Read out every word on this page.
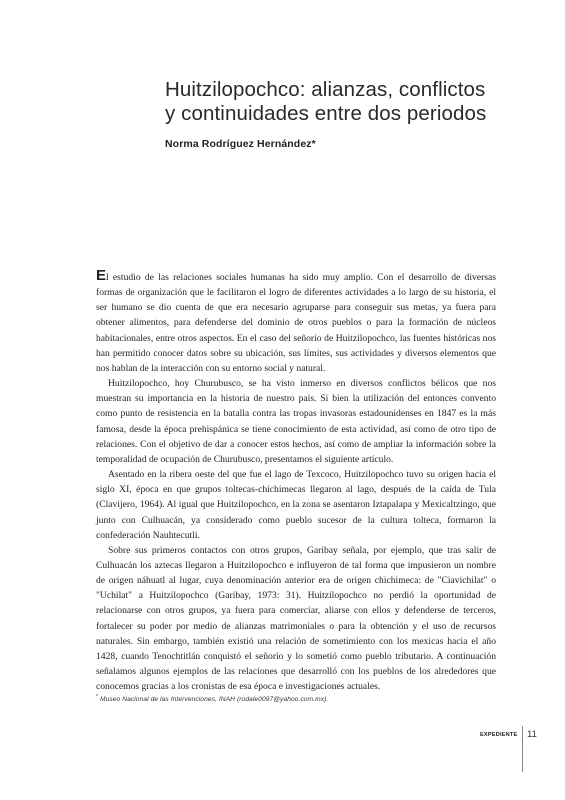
Huitzilopochco: alianzas, conflictos
y continuidades entre dos periodos
Norma Rodríguez Hernández*

El estudio de las relaciones sociales humanas ha sido muy amplio. Con el desarrollo de diversas formas de organización que le facilitaron el logro de diferentes actividades a lo largo de su historia, el ser humano se dio cuenta de que era necesario agruparse para conseguir sus metas, ya fuera para obtener alimentos, para defenderse del dominio de otros pueblos o para la formación de núcleos habitacionales, entre otros aspectos. En el caso del señorío de Huitzilopochco, las fuentes históricas nos han permitido conocer datos sobre su ubicación, sus límites, sus actividades y diversos elementos que nos hablan de la interacción con su entorno social y natural.

Huitzilopochco, hoy Churubusco, se ha visto inmerso en diversos conflictos bélicos que nos muestran su importancia en la historia de nuestro país. Si bien la utilización del entonces convento como punto de resistencia en la batalla contra las tropas invasoras estadounidenses en 1847 es la más famosa, desde la época prehispánica se tiene conocimiento de esta actividad, así como de otro tipo de relaciones. Con el objetivo de dar a conocer estos hechos, así como de ampliar la información sobre la temporalidad de ocupación de Churubusco, presentamos el siguiente artículo.

Asentado en la ribera oeste del que fue el lago de Texcoco, Huitzilopochco tuvo su origen hacia el siglo XI, época en que grupos toltecas-chichimecas llegaron al lago, después de la caída de Tula (Clavijero, 1964). Al igual que Huitzilopochco, en la zona se asentaron Iztapalapa y Mexicaltzingo, que junto con Culhuacán, ya considerado como pueblo sucesor de la cultura tolteca, formaron la confederación Nauhtecutli.

Sobre sus primeros contactos con otros grupos, Garibay señala, por ejemplo, que tras salir de Culhuacán los aztecas llegaron a Huitzilopochco e influyeron de tal forma que impusieron un nombre de origen náhuatl al lugar, cuya denominación anterior era de origen chichimeca: de "Ciavichilat" o "Uchilat" a Huitzilopochco (Garibay, 1973: 31). Huitzilopochco no perdió la oportunidad de relacionarse con otros grupos, ya fuera para comerciar, aliarse con ellos y defenderse de terceros, fortalecer su poder por medio de alianzas matrimoniales o para la obtención y el uso de recursos naturales. Sin embargo, también existió una relación de sometimiento con los mexicas hacia el año 1428, cuando Tenochtitlán conquistó el señorío y lo sometió como pueblo tributario. A continuación señalamos algunos ejemplos de las relaciones que desarrolló con los pueblos de los alrededores que conocemos gracias a los cronistas de esa época e investigaciones actuales.

* Museo Nacional de las Intervenciones, INAH (rodale0097@yahoo.com.mx).
EXPEDIENTE 11
